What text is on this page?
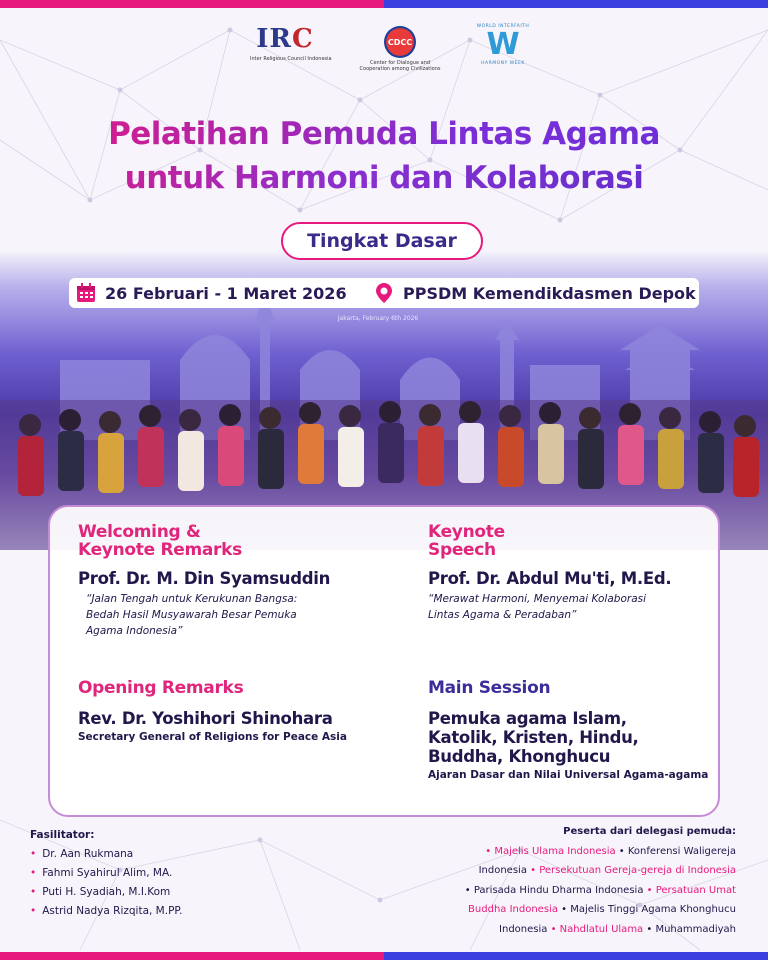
IRC
Inter Religious Council Indonesia
CDCC
Center for Dialogue and
Cooperation among Civilizations
WORLD INTERFAITH
W
HARMONY WEEK
Pelatihan Pemuda Lintas Agama
untuk Harmoni dan Kolaborasi
Jakarta, February 6th 2026
Tingkat Dasar
26 Februari - 1 Maret 2026	PPSDM Kemendikdasmen Depok
Welcoming &
Keynote Remarks
Prof. Dr. M. Din Syamsuddin
“Jalan Tengah untuk Kerukunan Bangsa:
Bedah Hasil Musyawarah Besar Pemuka
Agama Indonesia”
Keynote
Speech
Prof. Dr. Abdul Mu'ti, M.Ed.
“Merawat Harmoni, Menyemai Kolaborasi
Lintas Agama & Peradaban”
Opening Remarks
Rev. Dr. Yoshihori Shinohara
Secretary General of Religions for Peace Asia
Main Session
Pemuka agama Islam,
Katolik, Kristen, Hindu,
Buddha, Khonghucu
Ajaran Dasar dan Nilai Universal Agama-agama
Fasilitator:
• Dr. Aan Rukmana
• Fahmi Syahirul Alim, MA.
• Puti H. Syadiah, M.I.Kom
• Astrid Nadya Rizqita, M.PP.
Peserta dari delegasi pemuda:
• Majelis Ulama Indonesia • Konferensi Waligereja
Indonesia • Persekutuan Gereja-gereja di Indonesia
• Parisada Hindu Dharma Indonesia • Persatuan Umat
Buddha Indonesia • Majelis Tinggi Agama Khonghucu
Indonesia • Nahdlatul Ulama • Muhammadiyah
